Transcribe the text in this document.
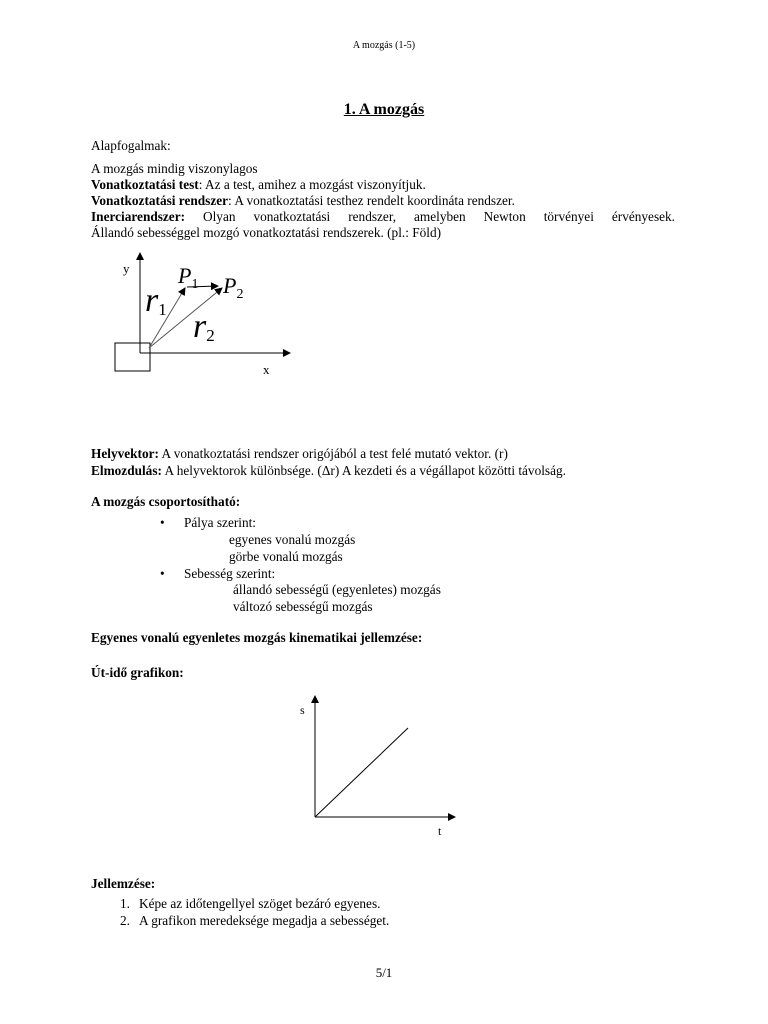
A mozgás (1-5)
1. A mozgás
Alapfogalmak:
A mozgás mindig viszonylagos
Vonatkoztatási test: Az a test, amihez a mozgást viszonyítjuk.
Vonatkoztatási rendszer: A vonatkoztatási testhez rendelt koordináta rendszer.
Inerciarendszer: Olyan vonatkoztatási rendszer, amelyben Newton törvényei érvényesek.
Állandó sebességgel mozgó vonatkoztatási rendszerek. (pl.: Föld)
y
x
$P_1$ $P_2$
r1 r2
Helyvektor: A vonatkoztatási rendszer origójából a test felé mutató vektor. (r)
Elmozdulás: A helyvektorok különbsége. (Δr) A kezdeti és a végállapot közötti távolság.
A mozgás csoportosítható:
• Pálya szerint:
egyenes vonalú mozgás
görbe vonalú mozgás
• Sebesség szerint:
állandó sebességű (egyenletes) mozgás
változó sebességű mozgás
Egyenes vonalú egyenletes mozgás kinematikai jellemzése:
Út-idő grafikon:
s
t
Jellemzése:
1. Képe az időtengellyel szöget bezáró egyenes.
2. A grafikon meredeksége megadja a sebességet.
5/1
